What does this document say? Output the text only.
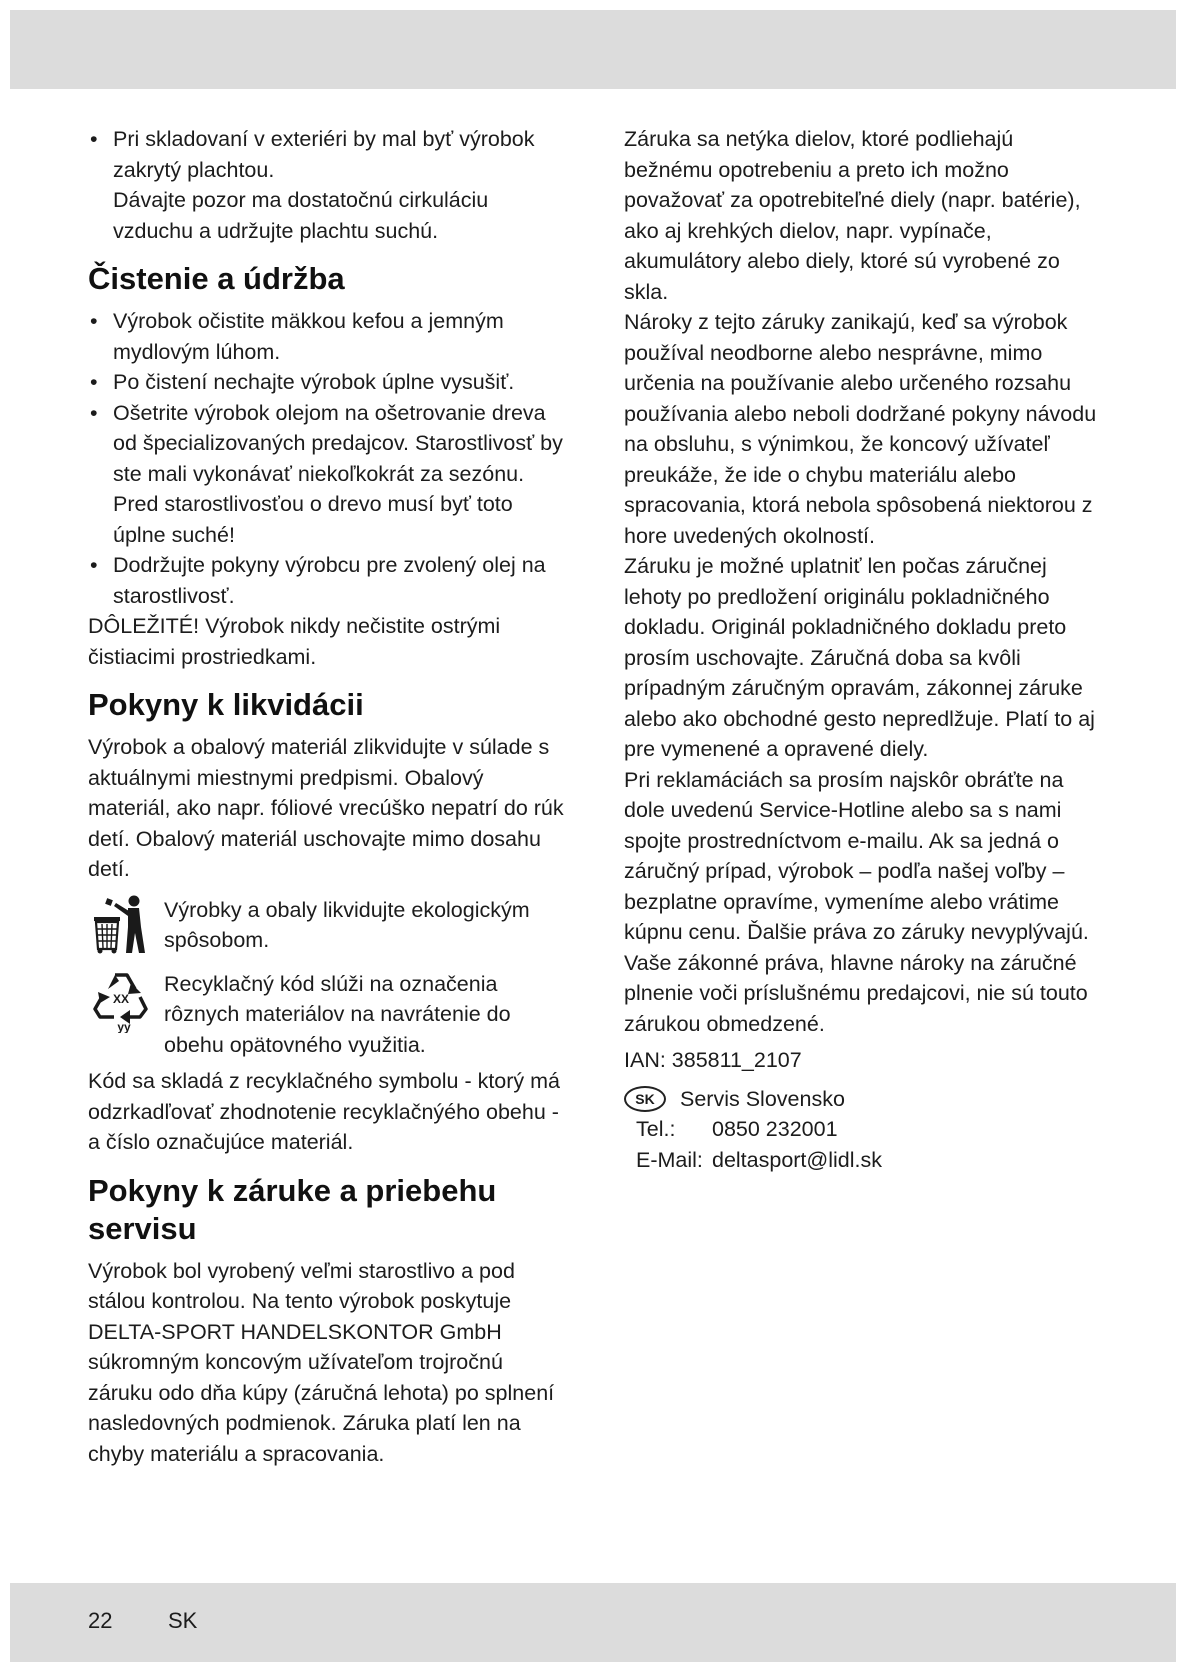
• Pri skladovaní v exteriéri by mal byť výrobok zakrytý plachtou.

Dávajte pozor ma dostatočnú cirkuláciu vzduchu a udržujte plachtu suchú.

Čistenie a údržba
• Výrobok očistite mäkkou kefou a jemným mydlovým lúhom.
• Po čistení nechajte výrobok úplne vysušiť.
• Ošetrite výrobok olejom na ošetrovanie dreva od špecializovaných predajcov. Starostlivosť by ste mali vykonávať niekoľkokrát za sezónu. Pred starostlivosťou o drevo musí byť toto úplne suché!
• Dodržujte pokyny výrobcu pre zvolený olej na starostlivosť.

DÔLEŽITÉ! Výrobok nikdy nečistite ostrými čistiacimi prostriedkami.

Pokyny k likvidácii

Výrobok a obalový materiál zlikvidujte v súlade s aktuálnymi miestnymi predpismi. Obalový materiál, ako napr. fóliové vrecúško nepatrí do rúk detí. Obalový materiál uschovajte mimo dosahu detí.

Výrobky a obaly likvidujte ekologickým spôsobom.

XX
yy

Recyklačný kód slúži na označenia rôznych materiálov na navrátenie do obehu opätovného využitia.

Kód sa skladá z recyklačného symbolu - ktorý má odzrkadľovať zhodnotenie recyklačnýého obehu - a číslo označujúce materiál.

Pokyny k záruke a priebehu servisu

Výrobok bol vyrobený veľmi starostlivo a pod stálou kontrolou. Na tento výrobok poskytuje DELTA-SPORT HANDELSKONTOR GmbH súkromným koncovým užívateľom trojročnú záruku odo dňa kúpy (záručná lehota) po splnení nasledovných podmienok. Záruka platí len na chyby materiálu a spracovania.

Záruka sa netýka dielov, ktoré podliehajú bežnému opotrebeniu a preto ich možno považovať za opotrebiteľné diely (napr. batérie), ako aj krehkých dielov, napr. vypínače, akumulátory alebo diely, ktoré sú vyrobené zo skla.

Nároky z tejto záruky zanikajú, keď sa výrobok používal neodborne alebo nesprávne, mimo určenia na používanie alebo určeného rozsahu používania alebo neboli dodržané pokyny návodu na obsluhu, s výnimkou, že koncový užívateľ preukáže, že ide o chybu materiálu alebo spracovania, ktorá nebola spôsobená niektorou z hore uvedených okolností.

Záruku je možné uplatniť len počas záručnej lehoty po predložení originálu pokladničného dokladu. Originál pokladničného dokladu preto prosím uschovajte. Záručná doba sa kvôli prípadným záručným opravám, zákonnej záruke alebo ako obchodné gesto nepredlžuje. Platí to aj pre vymenené a opravené diely.

Pri reklamáciách sa prosím najskôr obráťte na dole uvedenú Service-Hotline alebo sa s nami spojte prostredníctvom e-mailu. Ak sa jedná o záručný prípad, výrobok – podľa našej voľby – bezplatne opravíme, vymeníme alebo vrátime kúpnu cenu. Ďalšie práva zo záruky nevyplývajú. Vaše zákonné práva, hlavne nároky na záručné plnenie voči príslušnému predajcovi, nie sú touto zárukou obmedzené.

IAN: 385811_2107

SK	Servis Slovensko
Tel.: 0850 232001
E-Mail: deltasport@lidl.sk
22	SK
